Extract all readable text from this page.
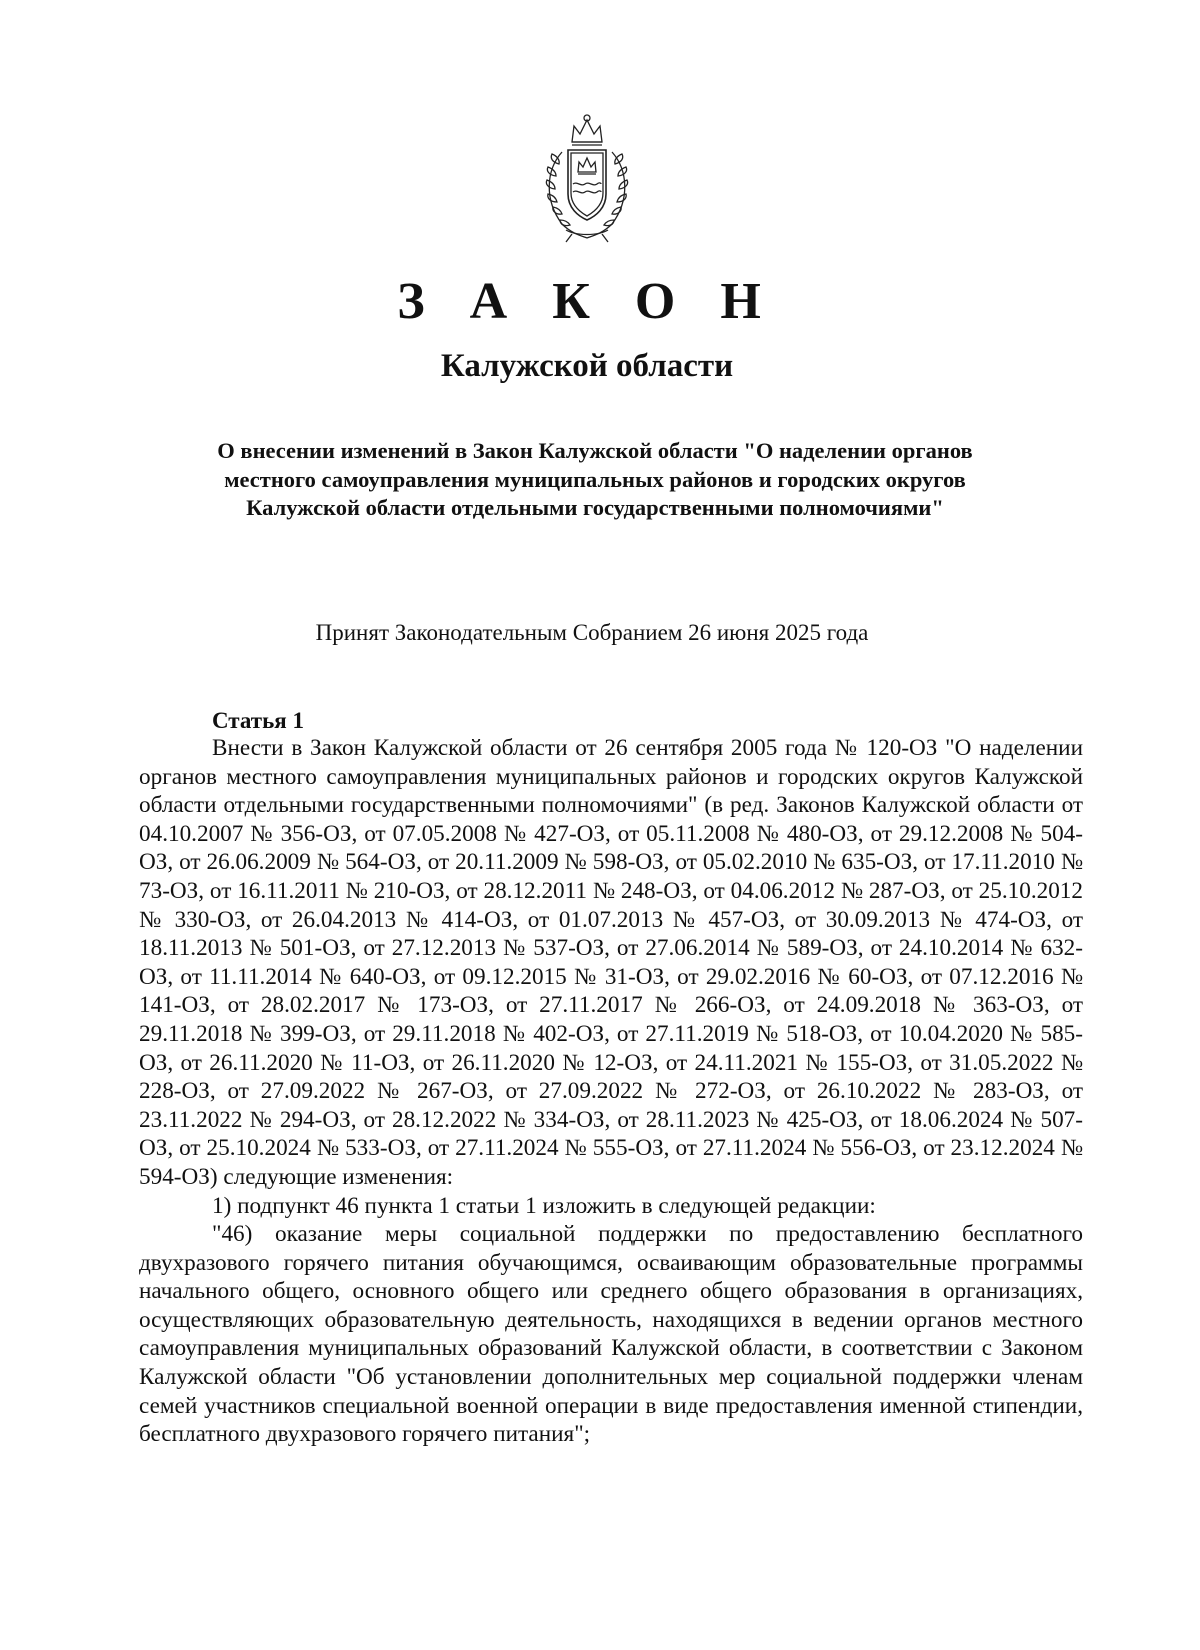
З А К О Н
Калужской области
О внесении изменений в Закон Калужской области "О наделении органов местного самоуправления муниципальных районов и городских округов Калужской области отдельными государственными полномочиями"
Принят Законодательным Собранием 26 июня 2025 года
Статья 1

Внести в Закон Калужской области от 26 сентября 2005 года № 120-ОЗ "О наделении органов местного самоуправления муниципальных районов и городских округов Калужской области отдельными государственными полномочиями" (в ред. Законов Калужской области от 04.10.2007 № 356-ОЗ, от 07.05.2008 № 427-ОЗ, от 05.11.2008 № 480-ОЗ, от 29.12.2008 № 504-ОЗ, от 26.06.2009 № 564-ОЗ, от 20.11.2009 № 598-ОЗ, от 05.02.2010 № 635-ОЗ, от 17.11.2010 № 73-ОЗ, от 16.11.2011 № 210-ОЗ, от 28.12.2011 № 248-ОЗ, от 04.06.2012 № 287-ОЗ, от 25.10.2012 № 330-ОЗ, от 26.04.2013 № 414-ОЗ, от 01.07.2013 № 457-ОЗ, от 30.09.2013 № 474-ОЗ, от 18.11.2013 № 501-ОЗ, от 27.12.2013 № 537-ОЗ, от 27.06.2014 № 589-ОЗ, от 24.10.2014 № 632-ОЗ, от 11.11.2014 № 640-ОЗ, от 09.12.2015 № 31-ОЗ, от 29.02.2016 № 60-ОЗ, от 07.12.2016 № 141-ОЗ, от 28.02.2017 № 173-ОЗ, от 27.11.2017 № 266-ОЗ, от 24.09.2018 № 363-ОЗ, от 29.11.2018 № 399-ОЗ, от 29.11.2018 № 402-ОЗ, от 27.11.2019 № 518-ОЗ, от 10.04.2020 № 585-ОЗ, от 26.11.2020 № 11-ОЗ, от 26.11.2020 № 12-ОЗ, от 24.11.2021 № 155-ОЗ, от 31.05.2022 № 228-ОЗ, от 27.09.2022 № 267-ОЗ, от 27.09.2022 № 272-ОЗ, от 26.10.2022 № 283-ОЗ, от 23.11.2022 № 294-ОЗ, от 28.12.2022 № 334-ОЗ, от 28.11.2023 № 425-ОЗ, от 18.06.2024 № 507-ОЗ, от 25.10.2024 № 533-ОЗ, от 27.11.2024 № 555-ОЗ, от 27.11.2024 № 556-ОЗ, от 23.12.2024 № 594-ОЗ) следующие изменения:

1) подпункт 46 пункта 1 статьи 1 изложить в следующей редакции:

"46) оказание меры социальной поддержки по предоставлению бесплатного двухразового горячего питания обучающимся, осваивающим образовательные программы начального общего, основного общего или среднего общего образования в организациях, осуществляющих образовательную деятельность, находящихся в ведении органов местного самоуправления муниципальных образований Калужской области, в соответствии с Законом Калужской области "Об установлении дополнительных мер социальной поддержки членам семей участников специальной военной операции в виде предоставления именной стипендии, бесплатного двухразового горячего питания";
